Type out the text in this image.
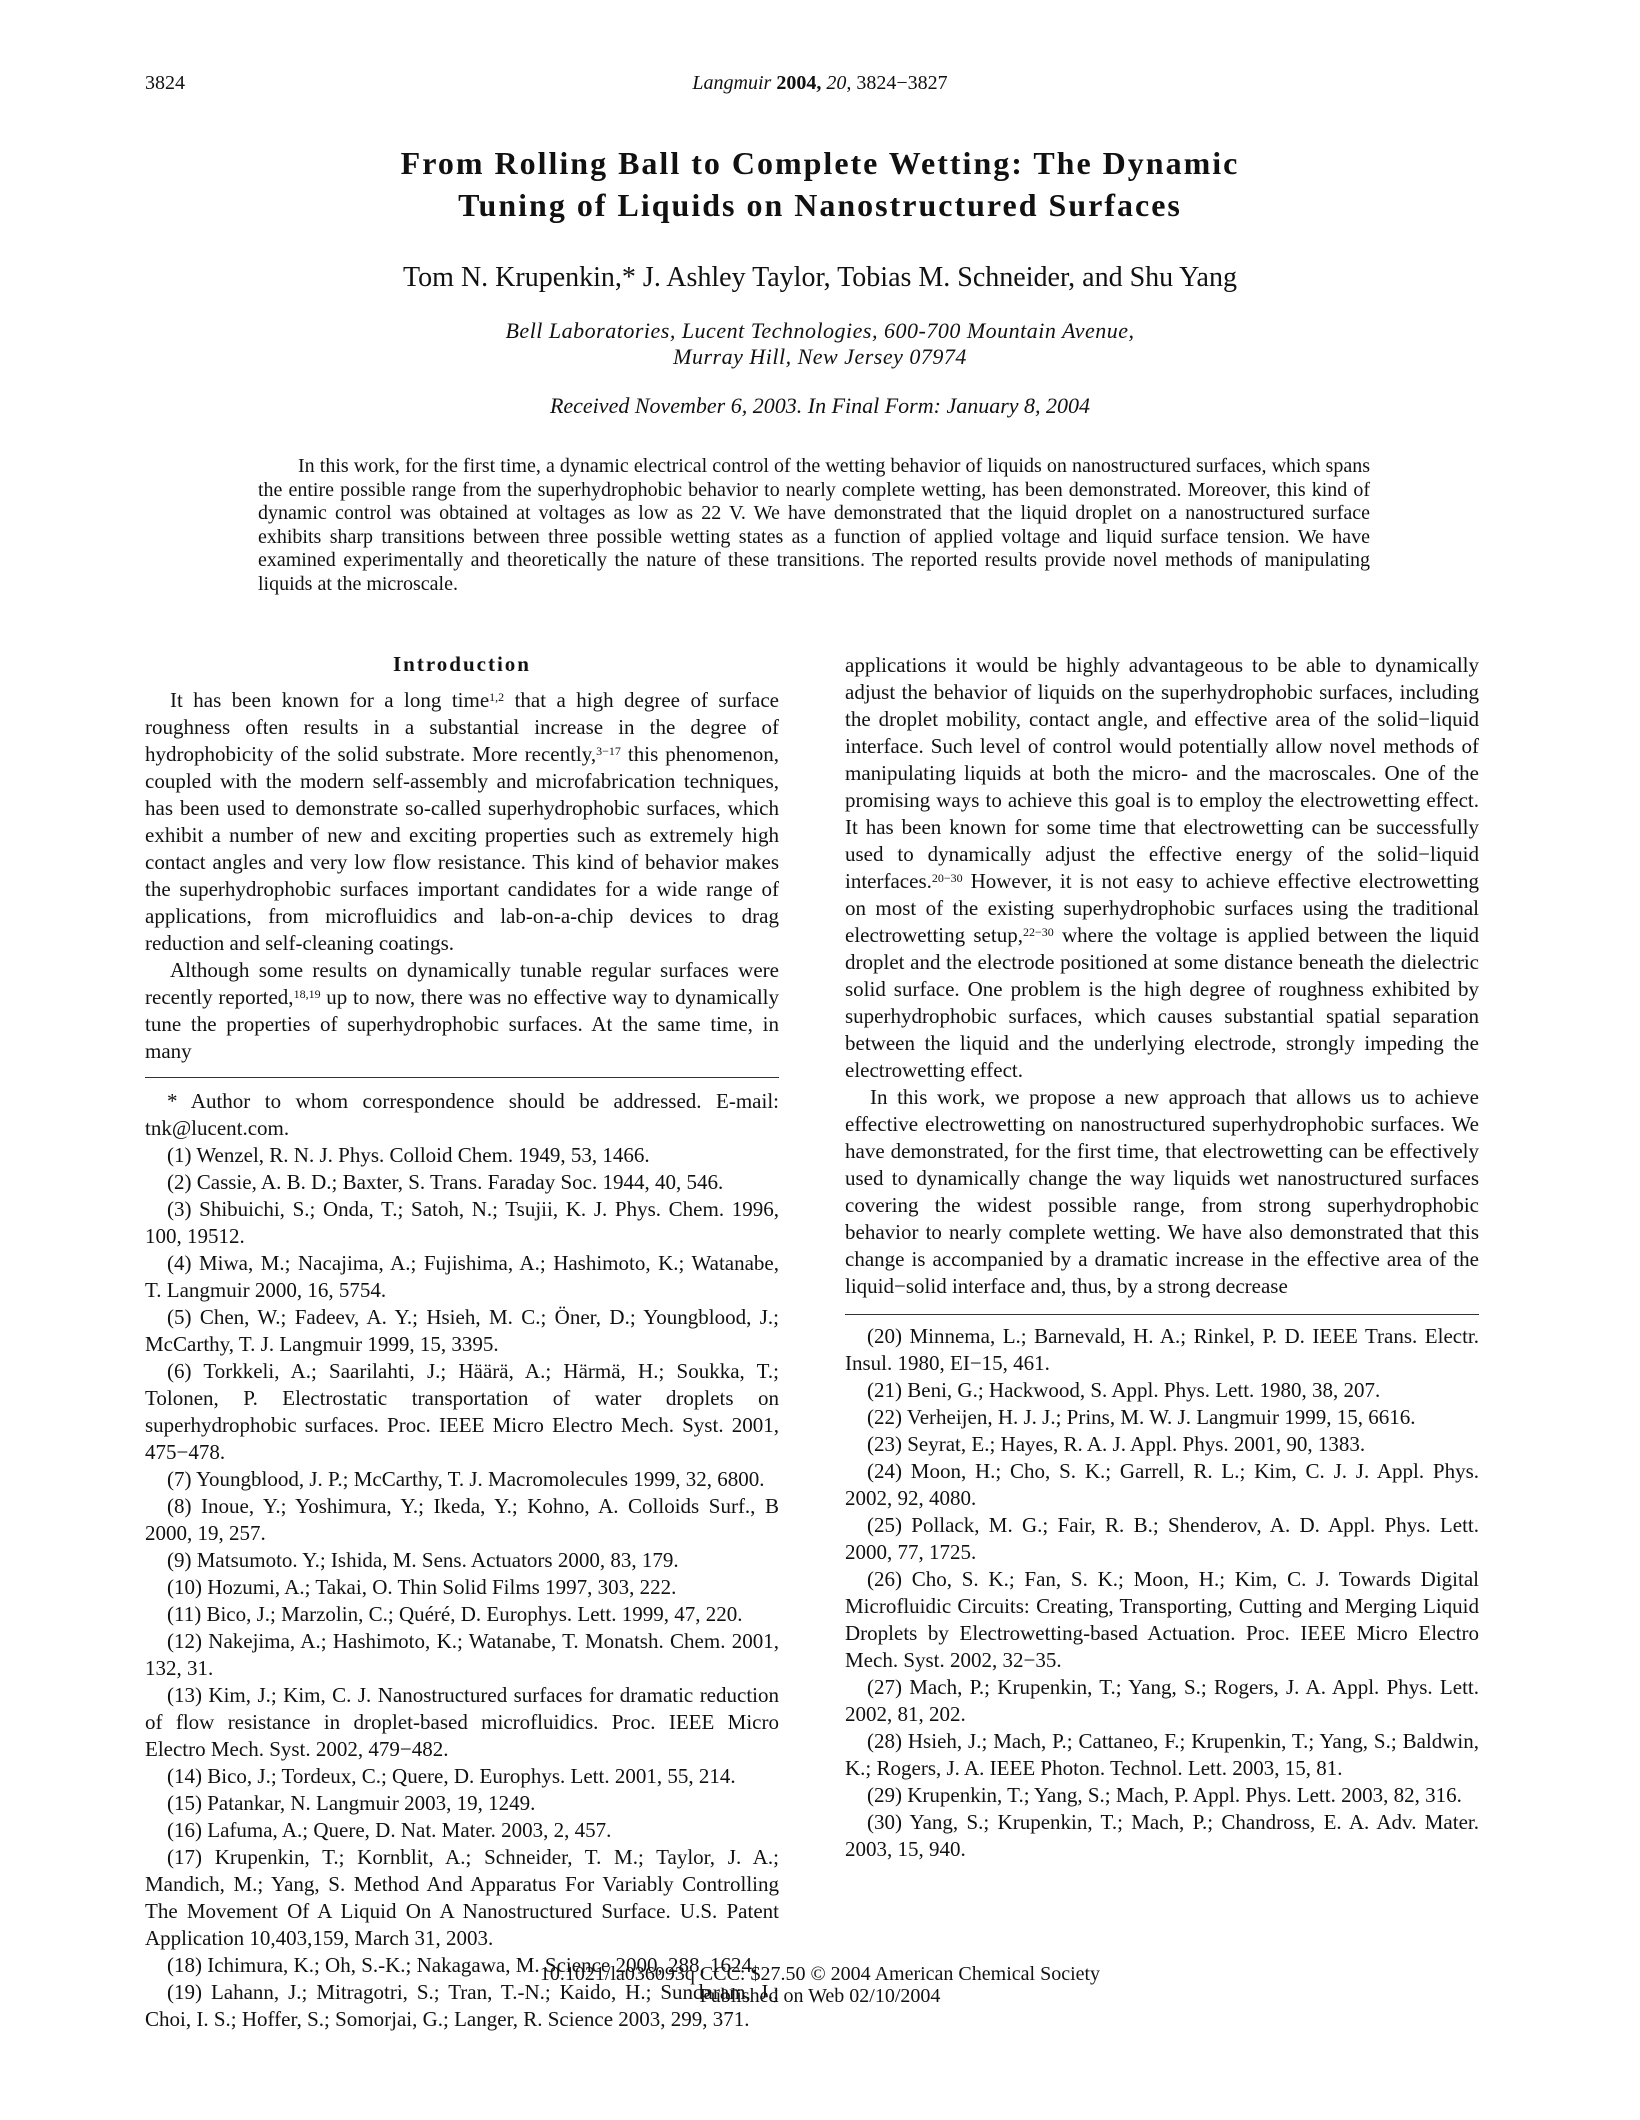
3824	Langmuir 2004, 20, 3824−3827
From Rolling Ball to Complete Wetting: The Dynamic
Tuning of Liquids on Nanostructured Surfaces
Tom N. Krupenkin,* J. Ashley Taylor, Tobias M. Schneider, and Shu Yang
Bell Laboratories, Lucent Technologies, 600-700 Mountain Avenue,
Murray Hill, New Jersey 07974
Received November 6, 2003. In Final Form: January 8, 2004

In this work, for the first time, a dynamic electrical control of the wetting behavior of liquids on nanostructured surfaces, which spans the entire possible range from the superhydrophobic behavior to nearly complete wetting, has been demonstrated. Moreover, this kind of dynamic control was obtained at voltages as low as 22 V. We have demonstrated that the liquid droplet on a nanostructured surface exhibits sharp transitions between three possible wetting states as a function of applied voltage and liquid surface tension. We have examined experimentally and theoretically the nature of these transitions. The reported results provide novel methods of manipulating liquids at the microscale.

Introduction

It has been known for a long time$^{1,2}$ that a high degree of surface roughness often results in a substantial increase in the degree of hydrophobicity of the solid substrate. More recently,$^{3-17}$ this phenomenon, coupled with the modern self-assembly and microfabrication techniques, has been used to demonstrate so-called superhydrophobic surfaces, which exhibit a number of new and exciting properties such as extremely high contact angles and very low flow resistance. This kind of behavior makes the superhydrophobic surfaces important candidates for a wide range of applications, from microfluidics and lab-on-a-chip devices to drag reduction and self-cleaning coatings.

Although some results on dynamically tunable regular surfaces were recently reported,$^{18,19}$ up to now, there was no effective way to dynamically tune the properties of superhydrophobic surfaces. At the same time, in many

* Author to whom correspondence should be addressed. E-mail: tnk@lucent.com.

(1) Wenzel, R. N. J. Phys. Colloid Chem. 1949, 53, 1466.

(2) Cassie, A. B. D.; Baxter, S. Trans. Faraday Soc. 1944, 40, 546.

(3) Shibuichi, S.; Onda, T.; Satoh, N.; Tsujii, K. J. Phys. Chem. 1996, 100, 19512.

(4) Miwa, M.; Nacajima, A.; Fujishima, A.; Hashimoto, K.; Watanabe, T. Langmuir 2000, 16, 5754.

(5) Chen, W.; Fadeev, A. Y.; Hsieh, M. C.; Öner, D.; Youngblood, J.; McCarthy, T. J. Langmuir 1999, 15, 3395.

(6) Torkkeli, A.; Saarilahti, J.; Häärä, A.; Härmä, H.; Soukka, T.; Tolonen, P. Electrostatic transportation of water droplets on superhydrophobic surfaces. Proc. IEEE Micro Electro Mech. Syst. 2001, 475−478.

(7) Youngblood, J. P.; McCarthy, T. J. Macromolecules 1999, 32, 6800.

(8) Inoue, Y.; Yoshimura, Y.; Ikeda, Y.; Kohno, A. Colloids Surf., B 2000, 19, 257.

(9) Matsumoto. Y.; Ishida, M. Sens. Actuators 2000, 83, 179.

(10) Hozumi, A.; Takai, O. Thin Solid Films 1997, 303, 222.

(11) Bico, J.; Marzolin, C.; Quéré, D. Europhys. Lett. 1999, 47, 220.

(12) Nakejima, A.; Hashimoto, K.; Watanabe, T. Monatsh. Chem. 2001, 132, 31.

(13) Kim, J.; Kim, C. J. Nanostructured surfaces for dramatic reduction of flow resistance in droplet-based microfluidics. Proc. IEEE Micro Electro Mech. Syst. 2002, 479−482.

(14) Bico, J.; Tordeux, C.; Quere, D. Europhys. Lett. 2001, 55, 214.

(15) Patankar, N. Langmuir 2003, 19, 1249.

(16) Lafuma, A.; Quere, D. Nat. Mater. 2003, 2, 457.

(17) Krupenkin, T.; Kornblit, A.; Schneider, T. M.; Taylor, J. A.; Mandich, M.; Yang, S. Method And Apparatus For Variably Controlling The Movement Of A Liquid On A Nanostructured Surface. U.S. Patent Application 10,403,159, March 31, 2003.

(18) Ichimura, K.; Oh, S.-K.; Nakagawa, M. Science 2000, 288, 1624.

(19) Lahann, J.; Mitragotri, S.; Tran, T.-N.; Kaido, H.; Sundaram, J.; Choi, I. S.; Hoffer, S.; Somorjai, G.; Langer, R. Science 2003, 299, 371.

applications it would be highly advantageous to be able to dynamically adjust the behavior of liquids on the superhydrophobic surfaces, including the droplet mobility, contact angle, and effective area of the solid−liquid interface. Such level of control would potentially allow novel methods of manipulating liquids at both the micro- and the macroscales. One of the promising ways to achieve this goal is to employ the electrowetting effect. It has been known for some time that electrowetting can be successfully used to dynamically adjust the effective energy of the solid−liquid interfaces.$^{20-30}$ However, it is not easy to achieve effective electrowetting on most of the existing superhydrophobic surfaces using the traditional electrowetting setup,$^{22-30}$ where the voltage is applied between the liquid droplet and the electrode positioned at some distance beneath the dielectric solid surface. One problem is the high degree of roughness exhibited by superhydrophobic surfaces, which causes substantial spatial separation between the liquid and the underlying electrode, strongly impeding the electrowetting effect.

In this work, we propose a new approach that allows us to achieve effective electrowetting on nanostructured superhydrophobic surfaces. We have demonstrated, for the first time, that electrowetting can be effectively used to dynamically change the way liquids wet nanostructured surfaces covering the widest possible range, from strong superhydrophobic behavior to nearly complete wetting. We have also demonstrated that this change is accompanied by a dramatic increase in the effective area of the liquid−solid interface and, thus, by a strong decrease

(20) Minnema, L.; Barnevald, H. A.; Rinkel, P. D. IEEE Trans. Electr. Insul. 1980, EI−15, 461.

(21) Beni, G.; Hackwood, S. Appl. Phys. Lett. 1980, 38, 207.

(22) Verheijen, H. J. J.; Prins, M. W. J. Langmuir 1999, 15, 6616.

(23) Seyrat, E.; Hayes, R. A. J. Appl. Phys. 2001, 90, 1383.

(24) Moon, H.; Cho, S. K.; Garrell, R. L.; Kim, C. J. J. Appl. Phys. 2002, 92, 4080.

(25) Pollack, M. G.; Fair, R. B.; Shenderov, A. D. Appl. Phys. Lett. 2000, 77, 1725.

(26) Cho, S. K.; Fan, S. K.; Moon, H.; Kim, C. J. Towards Digital Microfluidic Circuits: Creating, Transporting, Cutting and Merging Liquid Droplets by Electrowetting-based Actuation. Proc. IEEE Micro Electro Mech. Syst. 2002, 32−35.

(27) Mach, P.; Krupenkin, T.; Yang, S.; Rogers, J. A. Appl. Phys. Lett. 2002, 81, 202.

(28) Hsieh, J.; Mach, P.; Cattaneo, F.; Krupenkin, T.; Yang, S.; Baldwin, K.; Rogers, J. A. IEEE Photon. Technol. Lett. 2003, 15, 81.

(29) Krupenkin, T.; Yang, S.; Mach, P. Appl. Phys. Lett. 2003, 82, 316.

(30) Yang, S.; Krupenkin, T.; Mach, P.; Chandross, E. A. Adv. Mater. 2003, 15, 940.

10.1021/la036093q CCC: $27.50 © 2004 American Chemical Society
Published on Web 02/10/2004
